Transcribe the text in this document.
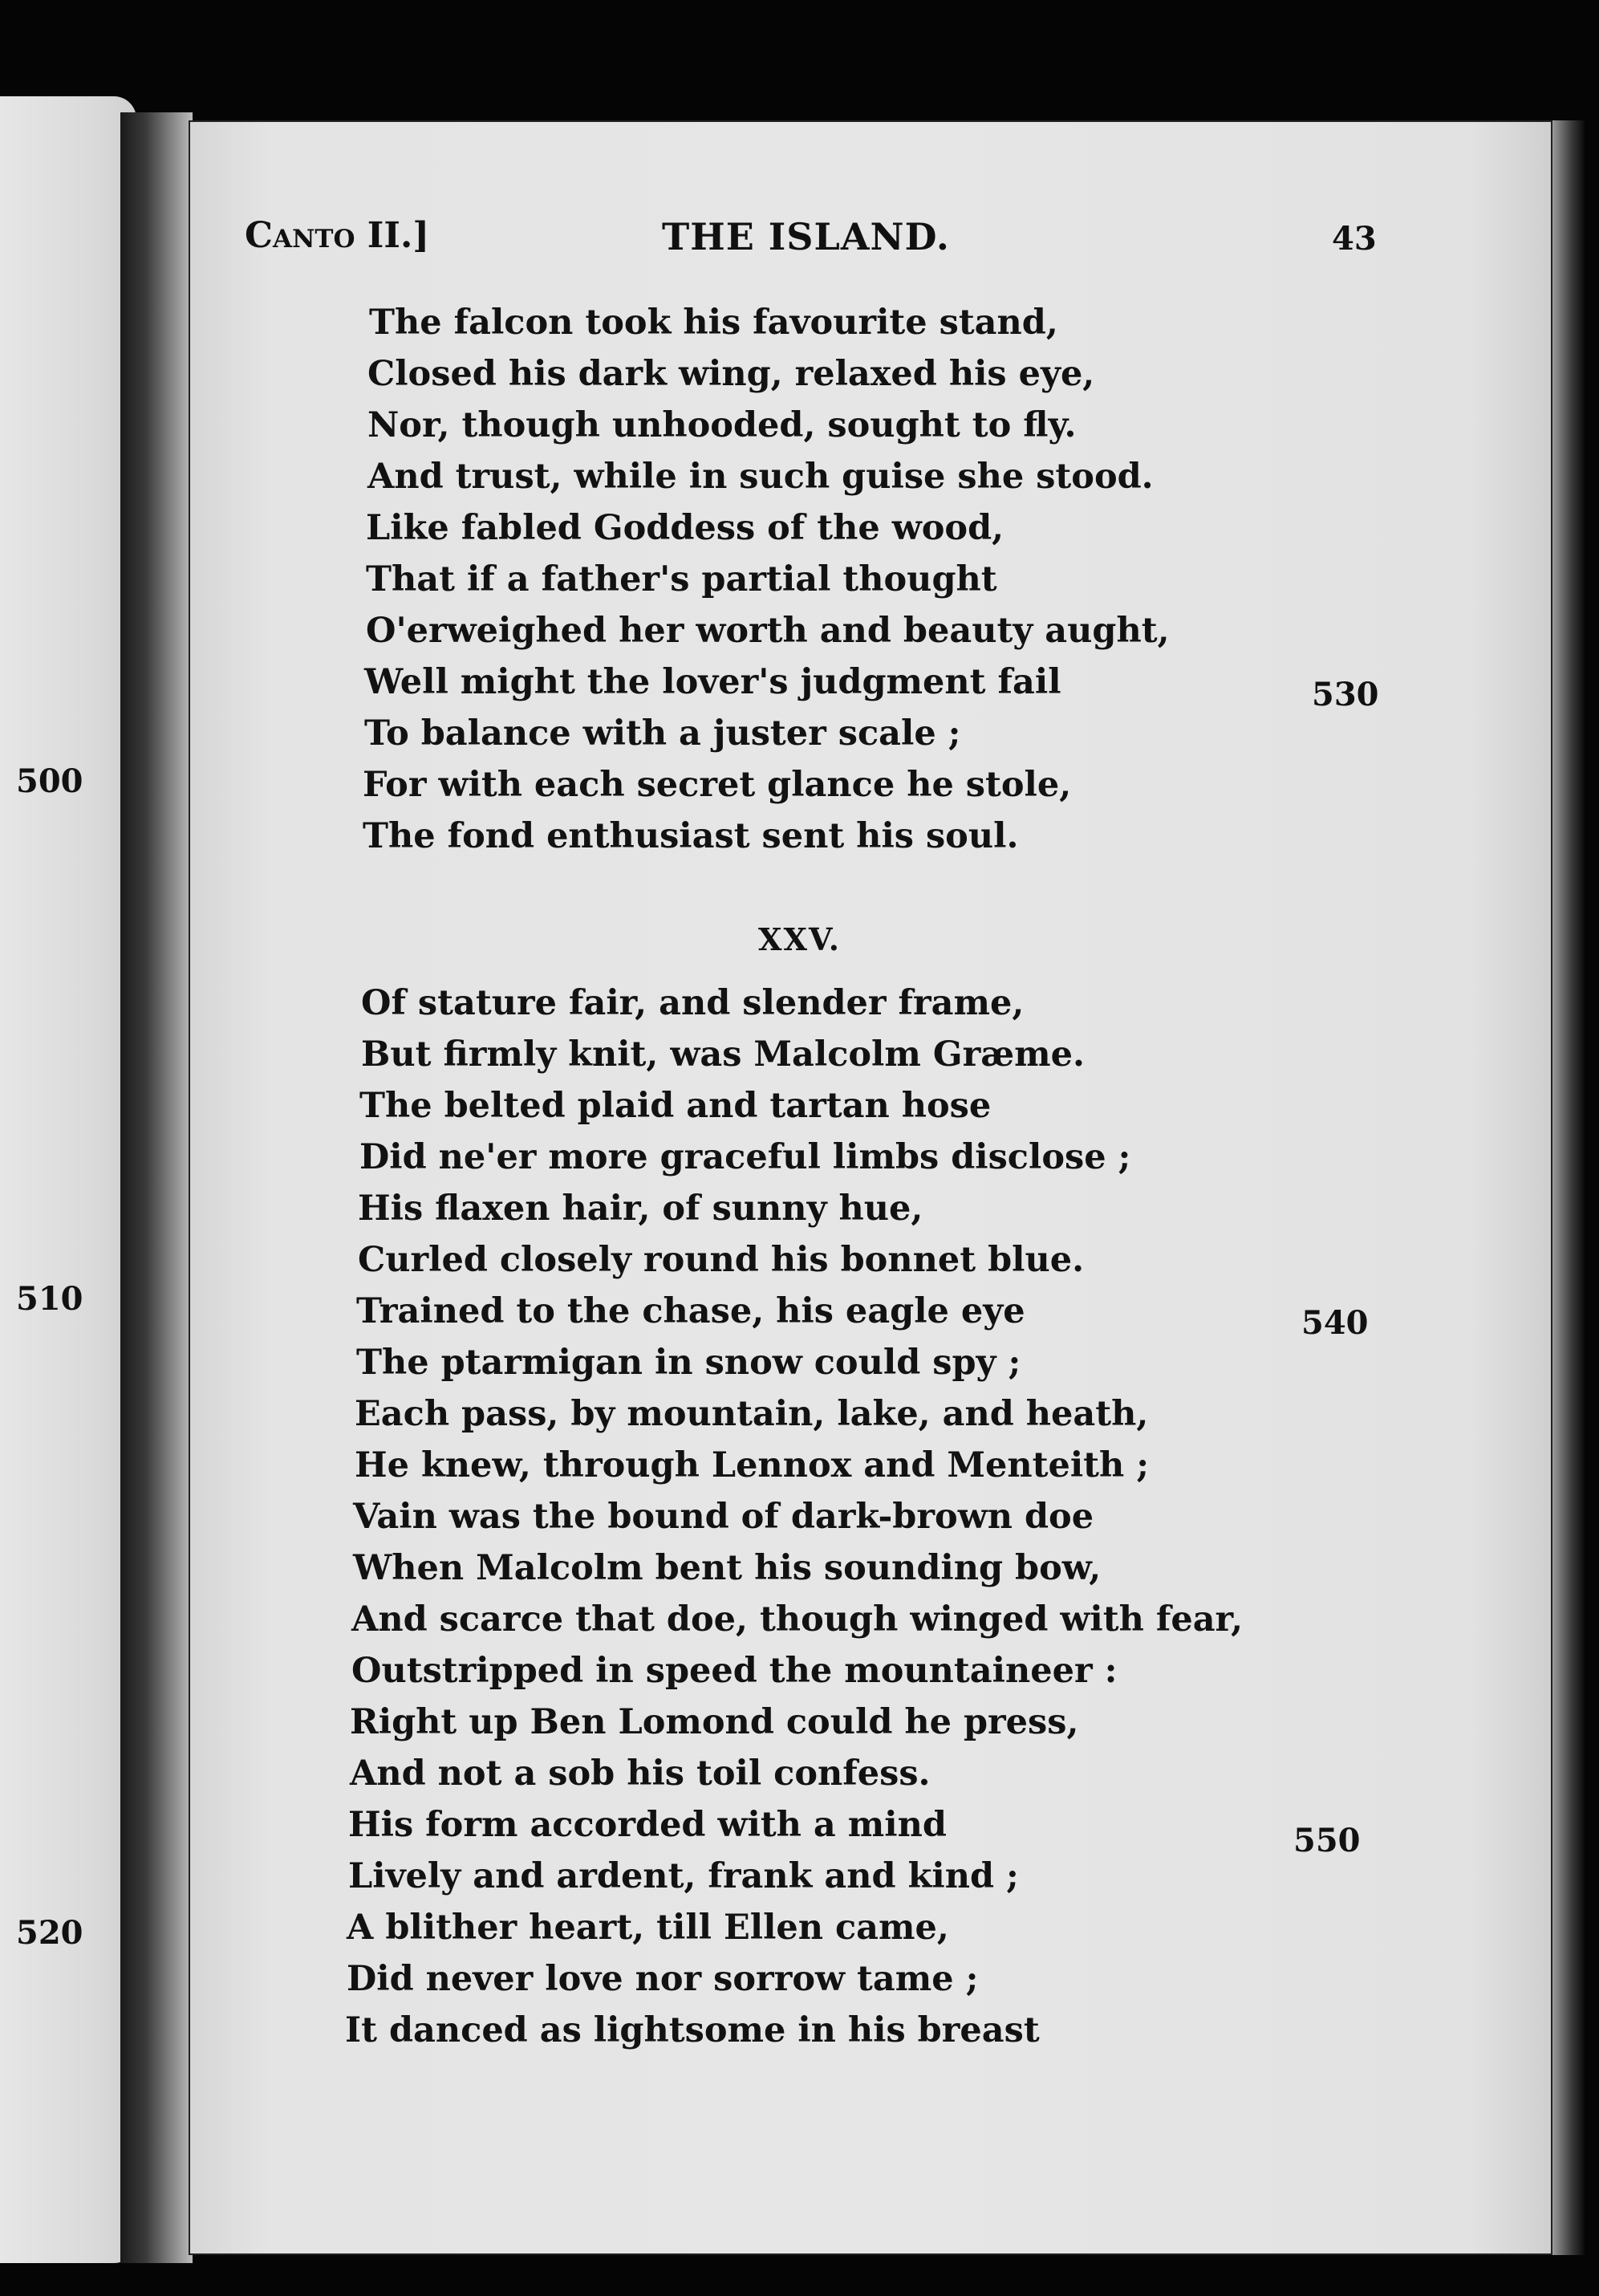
500
510
520
Canto II.]	THE ISLAND.	43
The falcon took his favourite stand,
Closed his dark wing, relaxed his eye,
Nor, though unhooded, sought to fly.
And trust, while in such guise she stood.
Like fabled Goddess of the wood,
That if a father's partial thought
O'erweighed her worth and beauty aught,
Well might the lover's judgment fail
To balance with a juster scale ;
For with each secret glance he stole,
The fond enthusiast sent his soul.
XXV.
Of stature fair, and slender frame,
But firmly knit, was Malcolm Græme.
The belted plaid and tartan hose
Did ne'er more graceful limbs disclose ;
His flaxen hair, of sunny hue,
Curled closely round his bonnet blue.
Trained to the chase, his eagle eye
The ptarmigan in snow could spy ;
Each pass, by mountain, lake, and heath,
He knew, through Lennox and Menteith ;
Vain was the bound of dark-brown doe
When Malcolm bent his sounding bow,
And scarce that doe, though winged with fear,
Outstripped in speed the mountaineer :
Right up Ben Lomond could he press,
And not a sob his toil confess.
His form accorded with a mind
Lively and ardent, frank and kind ;
A blither heart, till Ellen came,
Did never love nor sorrow tame ;
It danced as lightsome in his breast
530
540
550
